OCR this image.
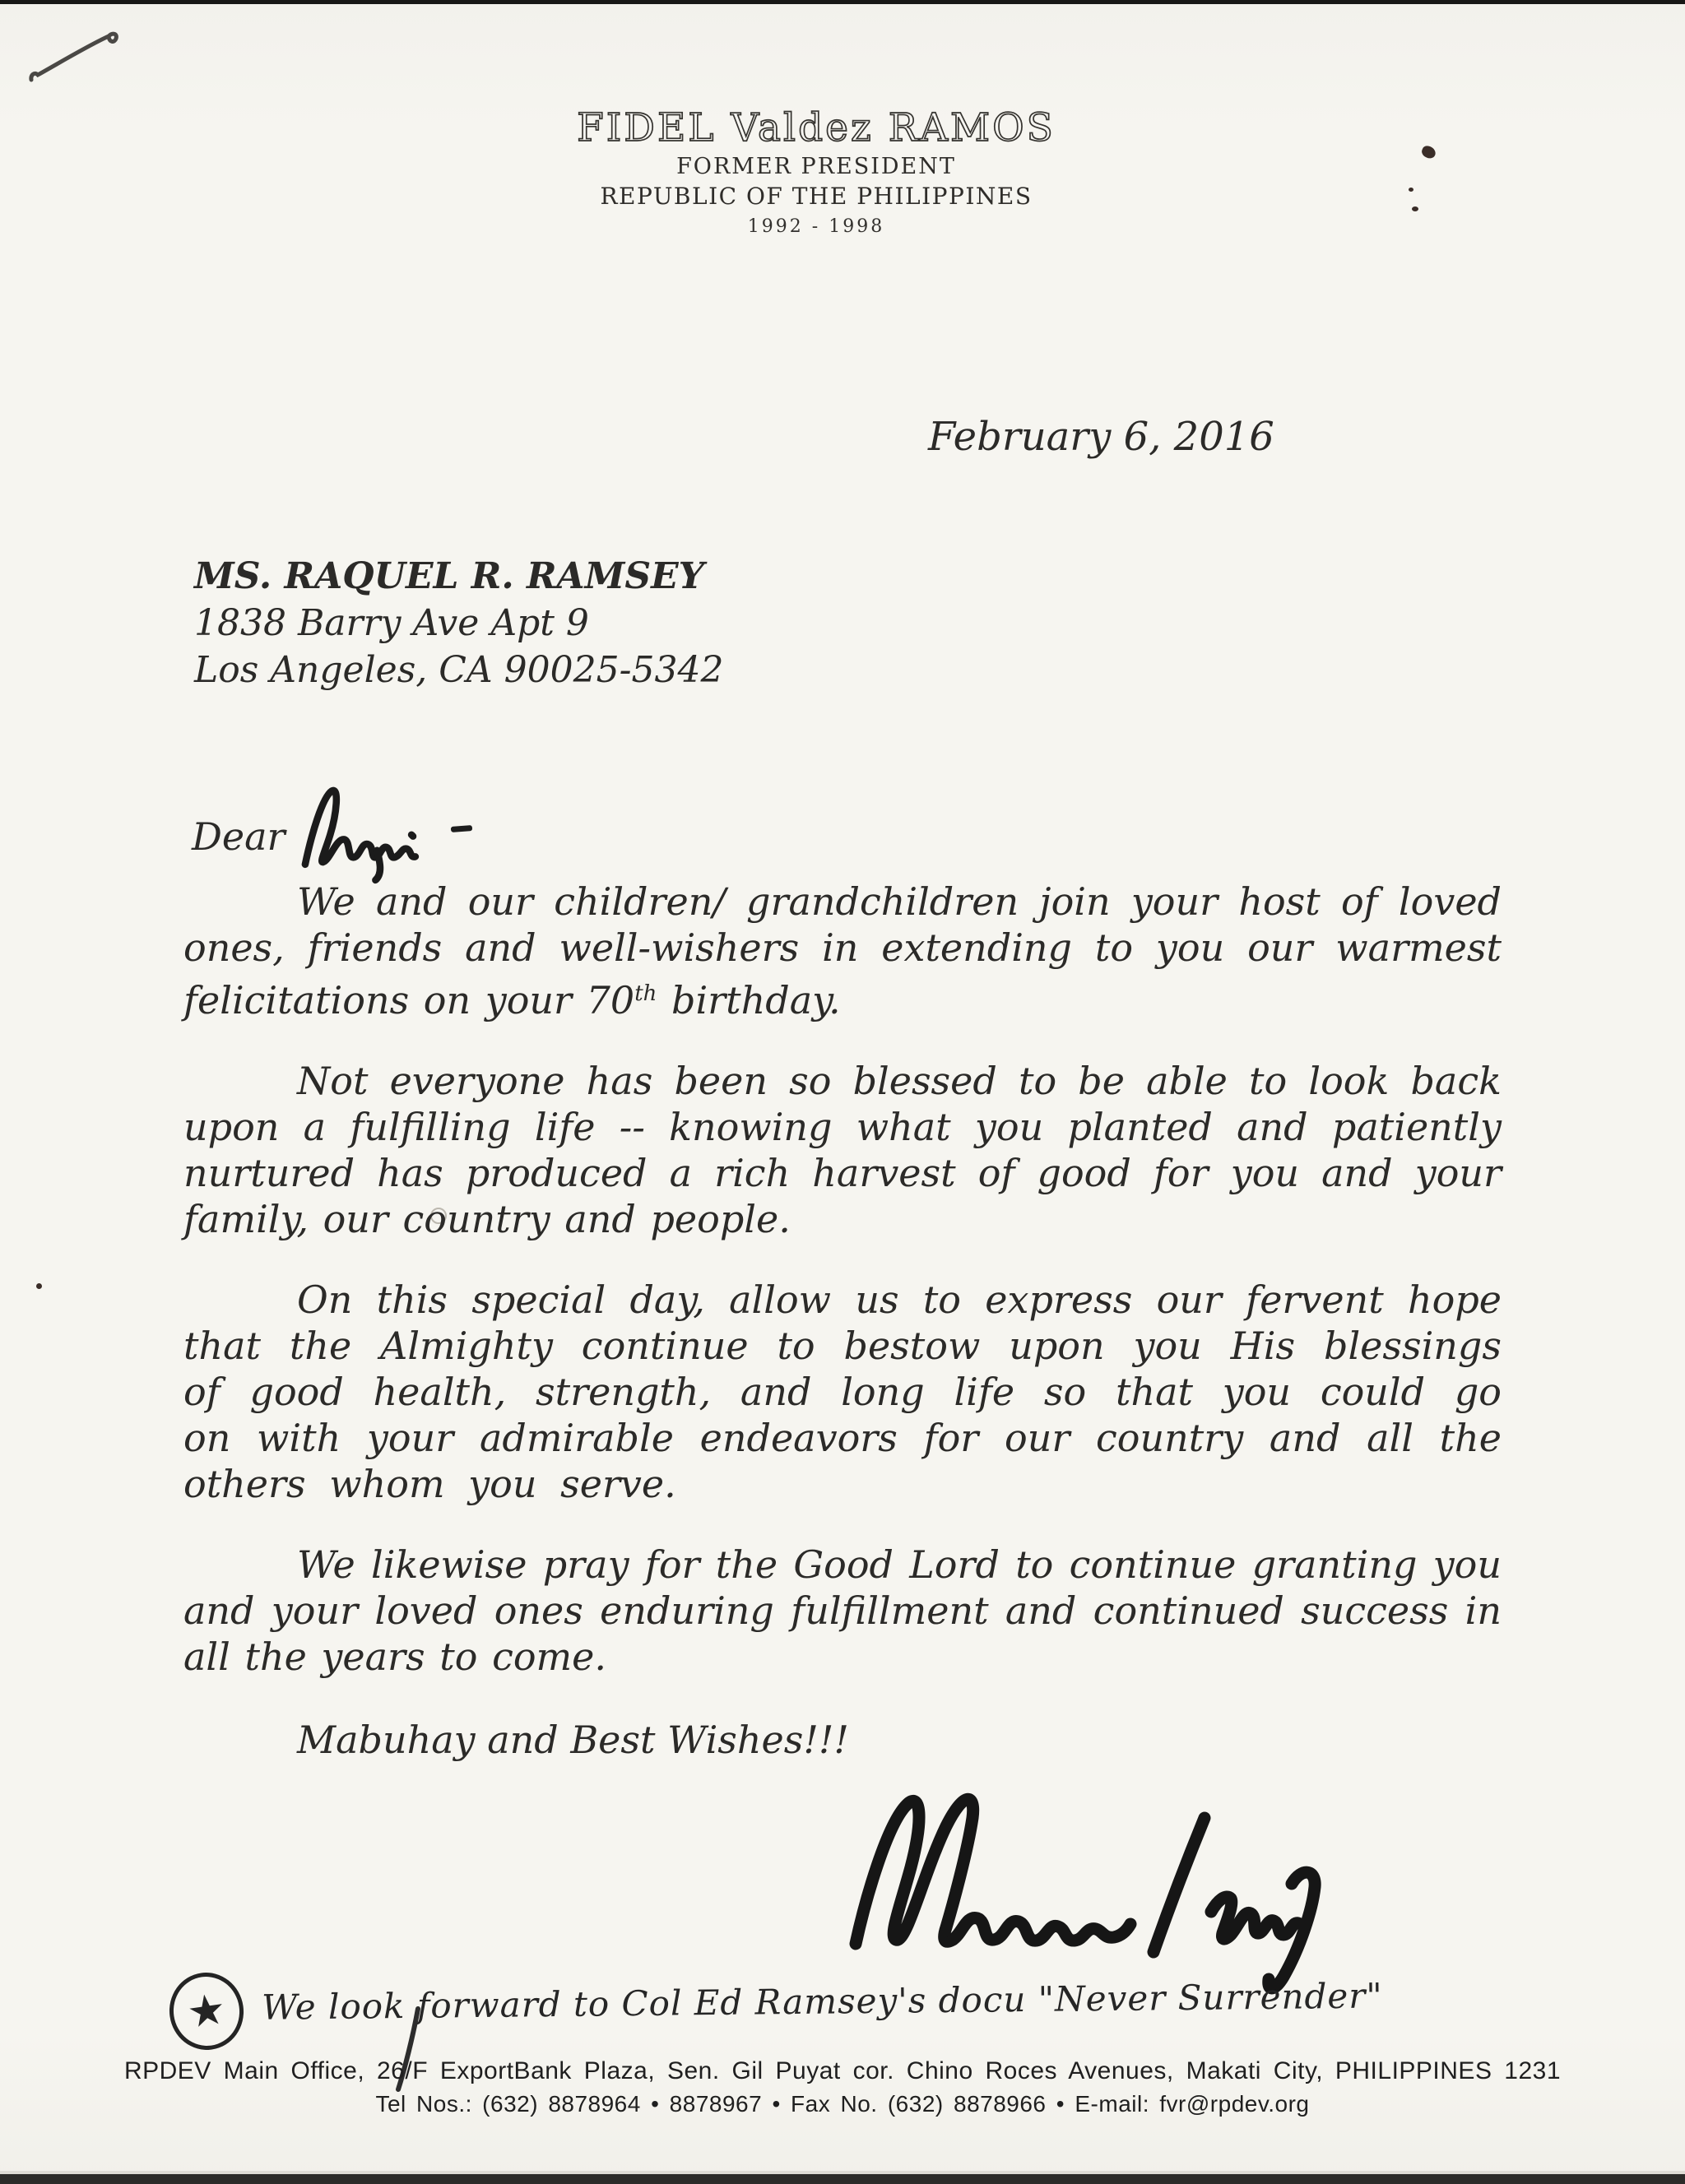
FIDEL Valdez RAMOS
FORMER PRESIDENT
REPUBLIC OF THE PHILIPPINES
1992 - 1998
February 6, 2016
MS. RAQUEL R. RAMSEY
1838 Barry Ave Apt 9
Los Angeles, CA 90025-5342
Dear

We and our children/ grandchildren join your host of loved ones, friends and well-wishers in extending to you our warmest felicitations on your 70th birthday.

Not everyone has been so blessed to be able to look back upon a fulfilling life -- knowing what you planted and patiently nurtured has produced a rich harvest of good for you and your family, our country and people.

On this special day, allow us to express our fervent hope that the Almighty continue to bestow upon you His blessings of good health, strength, and long life so that you could go on with your admirable endeavors for our country and all the others whom you serve.

We likewise pray for the Good Lord to continue granting you and your loved ones enduring fulfillment and continued success in all the years to come.

Mabuhay and Best Wishes!!!
★ We look forward to Col Ed Ramsey's docu "Never Surrender"
RPDEV Main Office, 26/F ExportBank Plaza, Sen. Gil Puyat cor. Chino Roces Avenues, Makati City, PHILIPPINES 1231
Tel Nos.: (632) 8878964 • 8878967 • Fax No. (632) 8878966 • E-mail: fvr@rpdev.org
